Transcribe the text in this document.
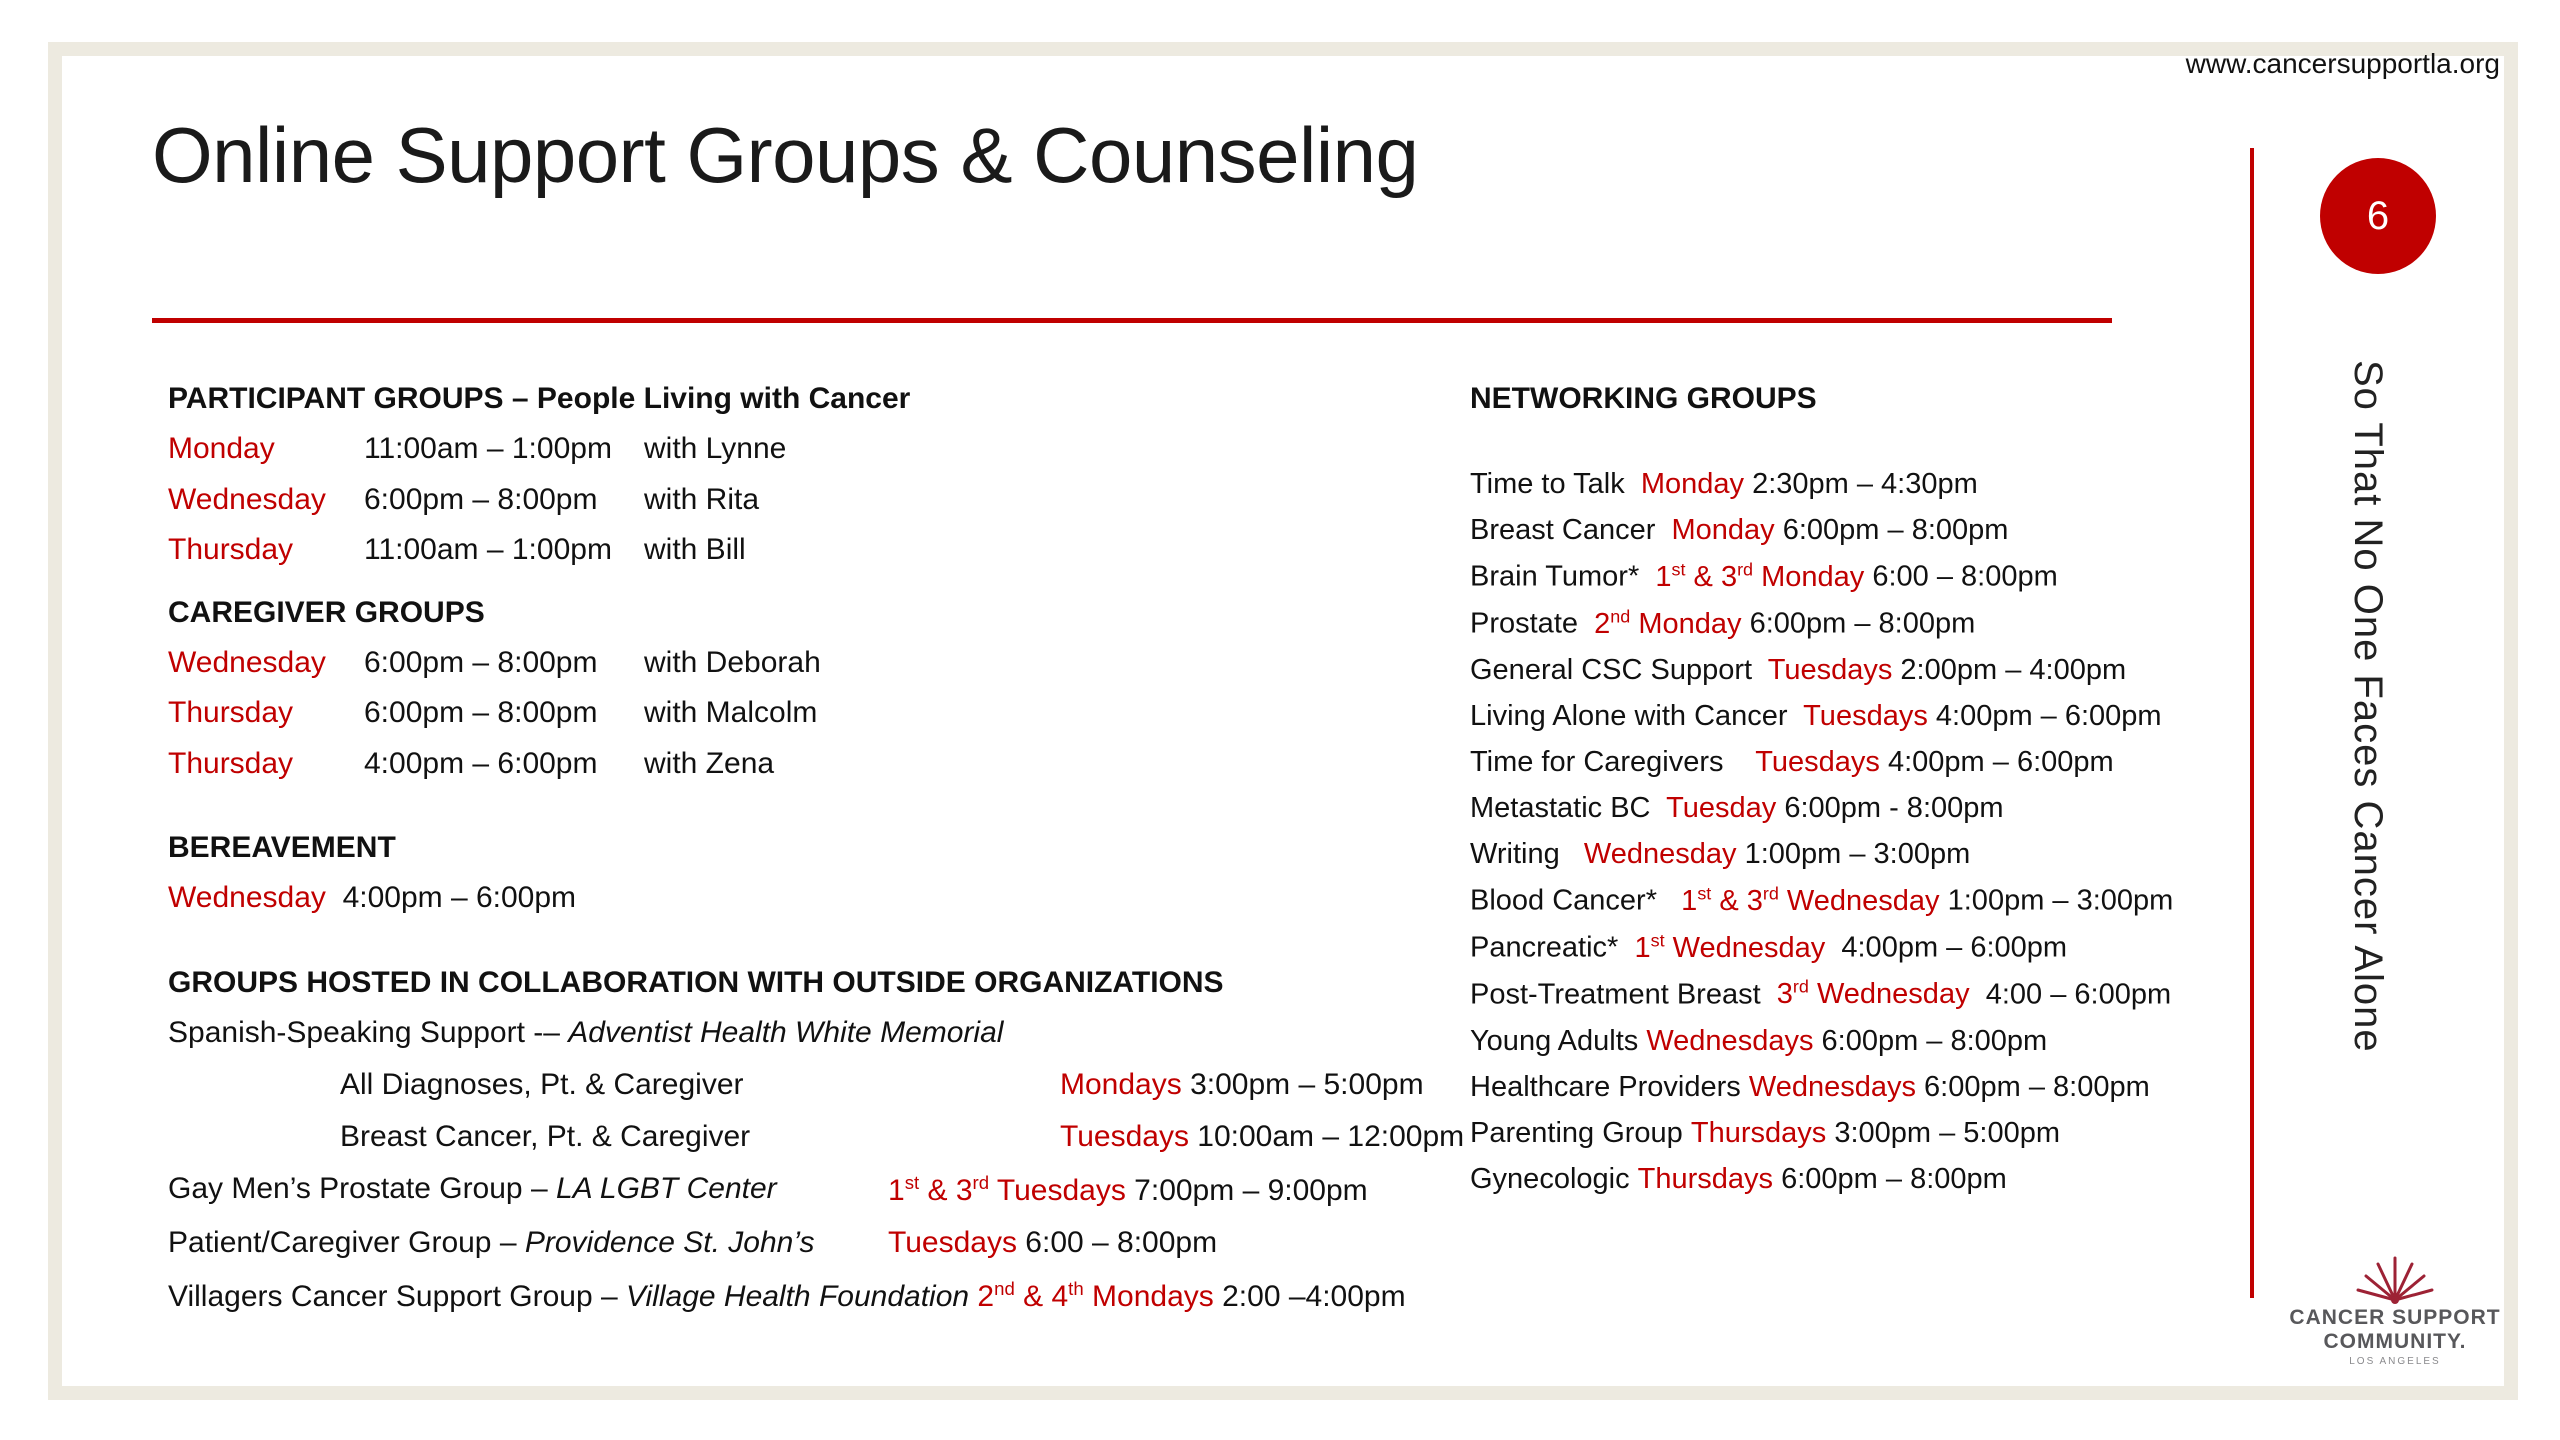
www.cancersupportla.org
Online Support Groups & Counseling
6
So That No One Faces Cancer Alone
CANCER SUPPORT
COMMUNITY.
LOS ANGELES
PARTICIPANT GROUPS – People Living with Cancer
Monday	11:00am – 1:00pm with Lynne
Wednesday 6:00pm – 8:00pm with Rita
Thursday 11:00am – 1:00pm with Bill
CAREGIVER GROUPS
Wednesday 6:00pm – 8:00pm with Deborah
Thursday 6:00pm – 8:00pm with Malcolm
Thursday 4:00pm – 6:00pm with Zena
BEREAVEMENT
Wednesday 4:00pm – 6:00pm
GROUPS HOSTED IN COLLABORATION WITH OUTSIDE ORGANIZATIONS
Spanish-Speaking Support -– Adventist Health White Memorial
All Diagnoses, Pt. & Caregiver	Mondays 3:00pm – 5:00pm
Breast Cancer, Pt. & Caregiver	Tuesdays 10:00am – 12:00pm
Gay Men’s Prostate Group – LA LGBT Center	1st & 3rd Tuesdays 7:00pm – 9:00pm
Patient/Caregiver Group – Providence St. John’s	Tuesdays 6:00 – 8:00pm
Villagers Cancer Support Group – Village Health Foundation 2nd & 4th Mondays 2:00 –4:00pm
NETWORKING GROUPS
Time to Talk Monday 2:30pm – 4:30pm
Breast Cancer Monday 6:00pm – 8:00pm
Brain Tumor* 1st & 3rd Monday 6:00 – 8:00pm
Prostate 2nd Monday 6:00pm – 8:00pm
General CSC Support Tuesdays 2:00pm – 4:00pm
Living Alone with Cancer Tuesdays 4:00pm – 6:00pm
Time for Caregivers Tuesdays 4:00pm – 6:00pm
Metastatic BC Tuesday 6:00pm - 8:00pm
Writing Wednesday 1:00pm – 3:00pm
Blood Cancer* 1st & 3rd Wednesday 1:00pm – 3:00pm
Pancreatic* 1st Wednesday 4:00pm – 6:00pm
Post-Treatment Breast 3rd Wednesday 4:00 – 6:00pm
Young Adults Wednesdays 6:00pm – 8:00pm
Healthcare Providers Wednesdays 6:00pm – 8:00pm
Parenting Group Thursdays 3:00pm – 5:00pm
Gynecologic Thursdays 6:00pm – 8:00pm
